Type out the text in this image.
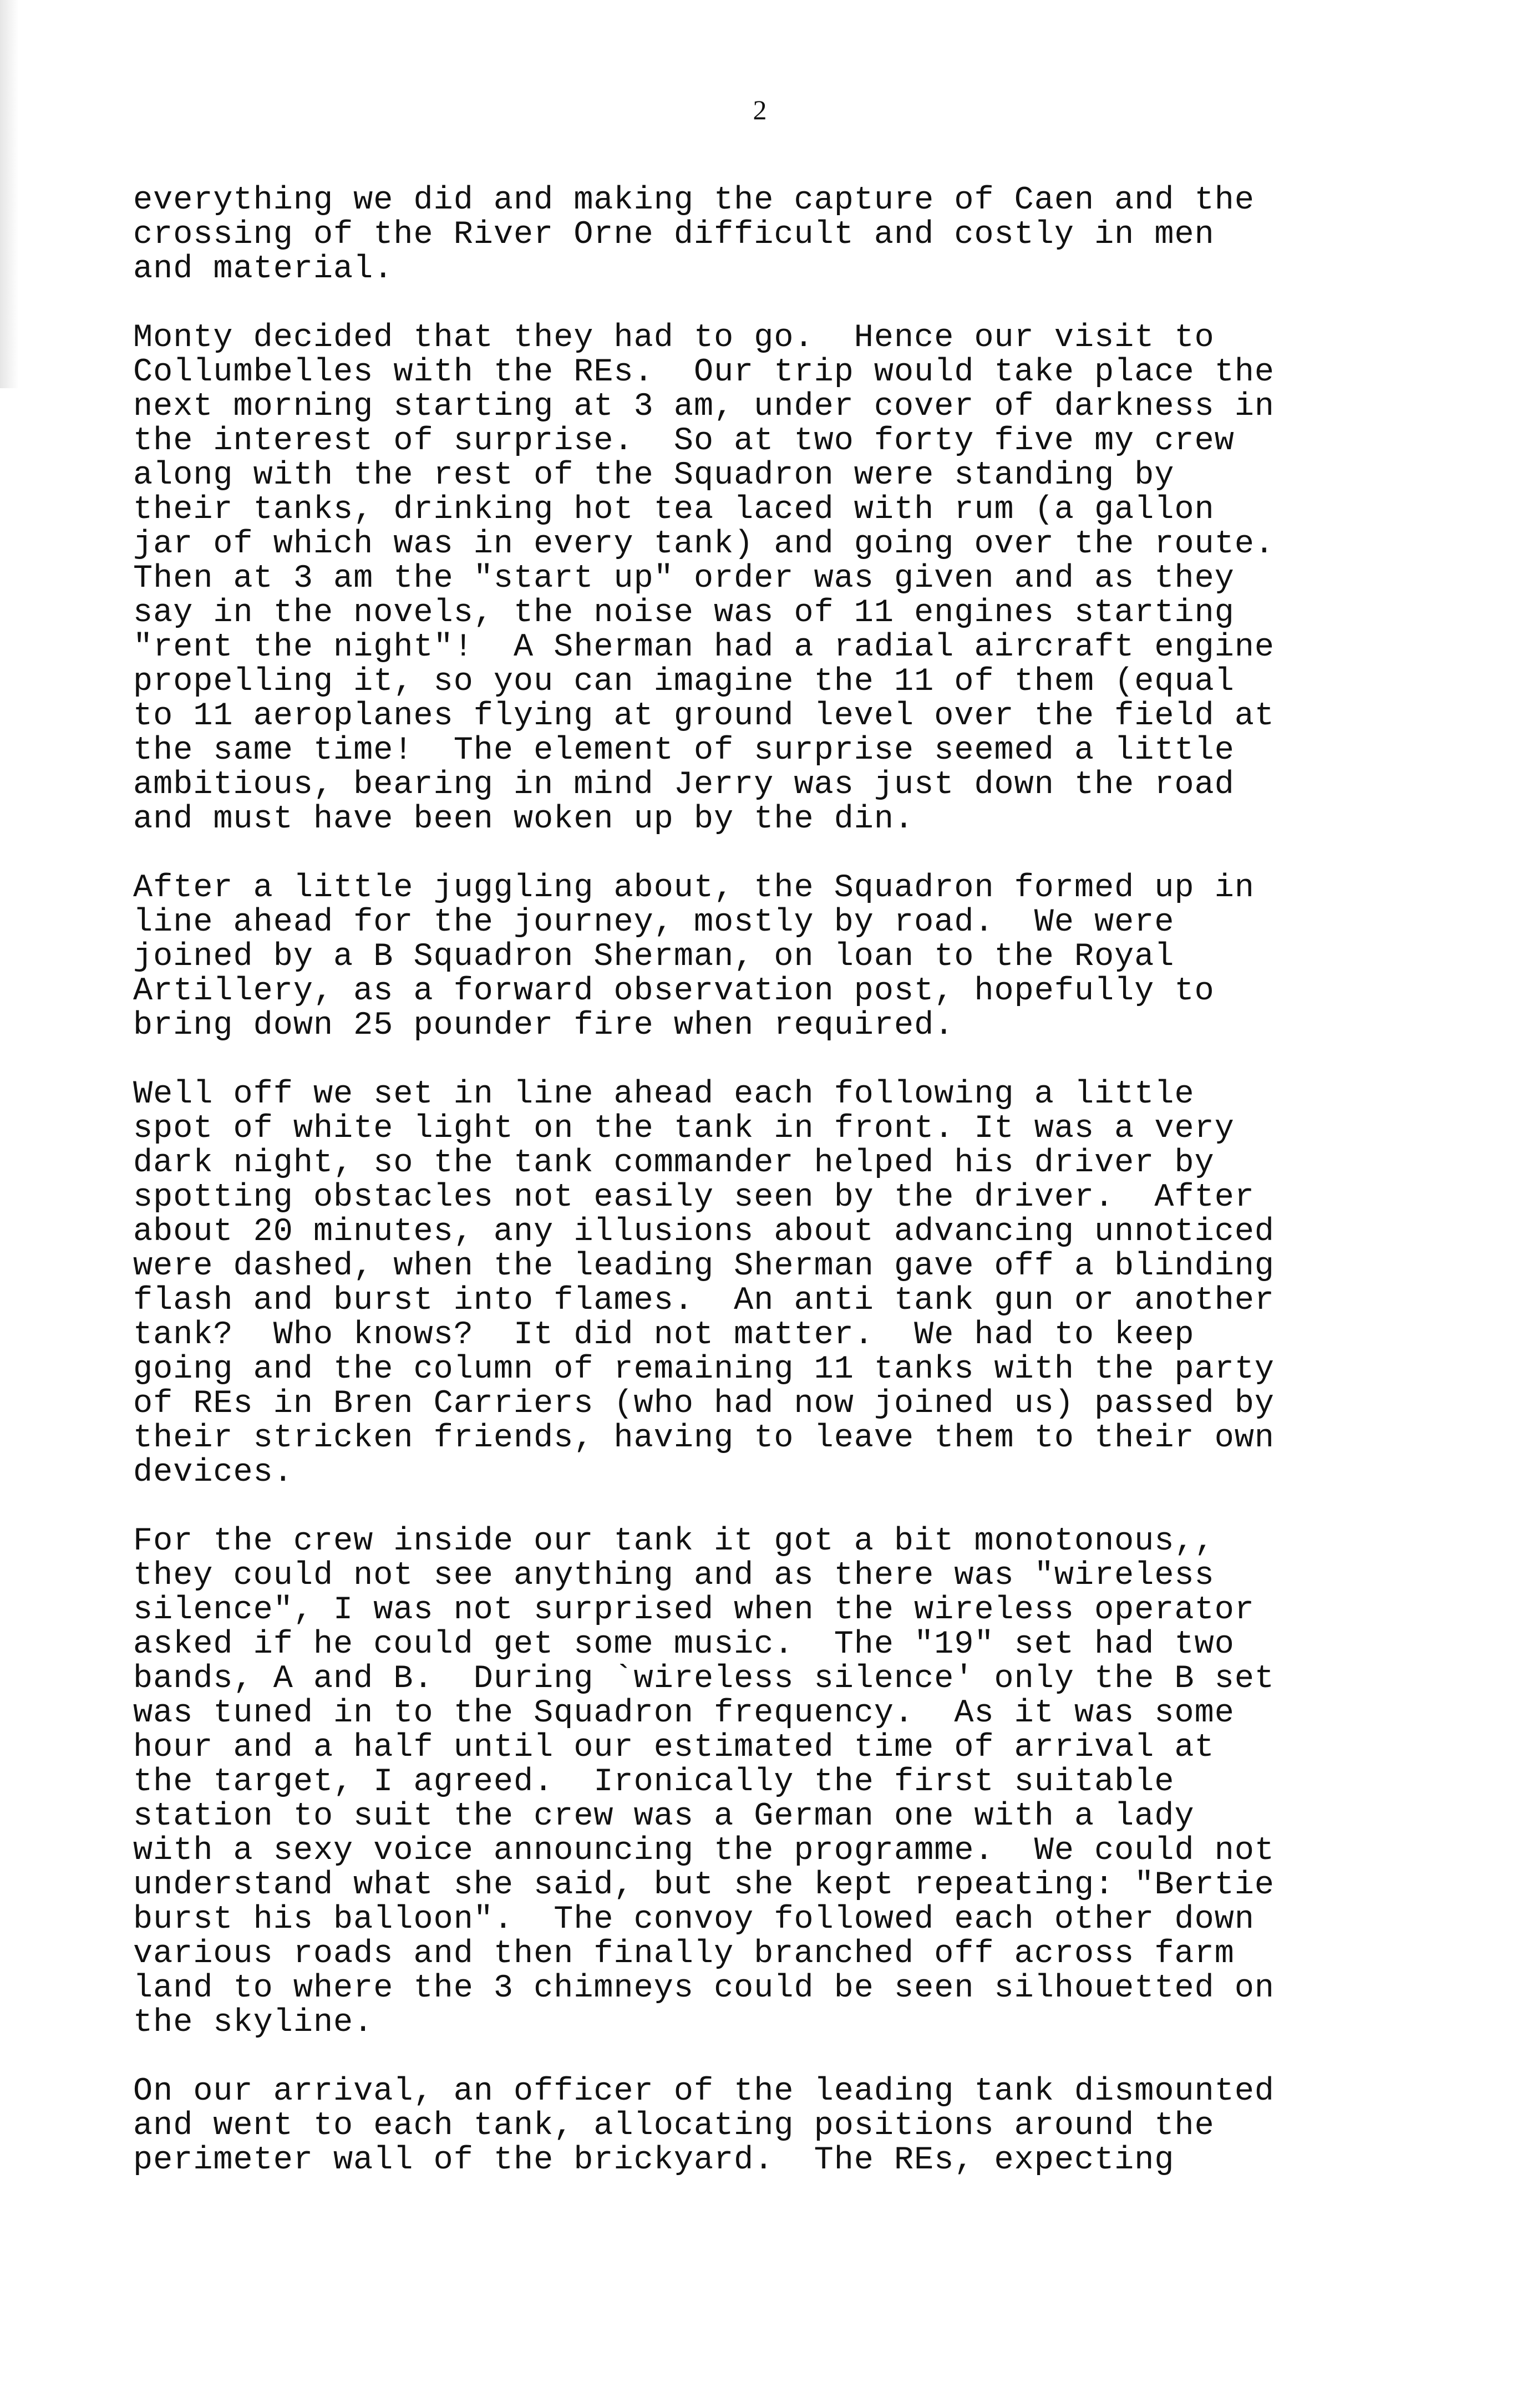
2
everything we did and making the capture of Caen and the
crossing of the River Orne difficult and costly in men
and material.
Monty decided that they had to go.  Hence our visit to
Collumbelles with the REs.  Our trip would take place the
next morning starting at 3 am, under cover of darkness in
the interest of surprise.  So at two forty five my crew
along with the rest of the Squadron were standing by
their tanks, drinking hot tea laced with rum (a gallon
jar of which was in every tank) and going over the route.
Then at 3 am the "start up" order was given and as they
say in the novels, the noise was of 11 engines starting
"rent the night"!  A Sherman had a radial aircraft engine
propelling it, so you can imagine the 11 of them (equal
to 11 aeroplanes flying at ground level over the field at
the same time!  The element of surprise seemed a little
ambitious, bearing in mind Jerry was just down the road
and must have been woken up by the din.
After a little juggling about, the Squadron formed up in
line ahead for the journey, mostly by road.  We were
joined by a B Squadron Sherman, on loan to the Royal
Artillery, as a forward observation post, hopefully to
bring down 25 pounder fire when required.
Well off we set in line ahead each following a little
spot of white light on the tank in front. It was a very
dark night, so the tank commander helped his driver by
spotting obstacles not easily seen by the driver.  After
about 20 minutes, any illusions about advancing unnoticed
were dashed, when the leading Sherman gave off a blinding
flash and burst into flames.  An anti tank gun or another
tank?  Who knows?  It did not matter.  We had to keep
going and the column of remaining 11 tanks with the party
of REs in Bren Carriers (who had now joined us) passed by
their stricken friends, having to leave them to their own
devices.
For the crew inside our tank it got a bit monotonous,,
they could not see anything and as there was "wireless
silence", I was not surprised when the wireless operator
asked if he could get some music.  The "19" set had two
bands, A and B.  During `wireless silence' only the B set
was tuned in to the Squadron frequency.  As it was some
hour and a half until our estimated time of arrival at
the target, I agreed.  Ironically the first suitable
station to suit the crew was a German one with a lady
with a sexy voice announcing the programme.  We could not
understand what she said, but she kept repeating: "Bertie
burst his balloon".  The convoy followed each other down
various roads and then finally branched off across farm
land to where the 3 chimneys could be seen silhouetted on
the skyline.
On our arrival, an officer of the leading tank dismounted
and went to each tank, allocating positions around the
perimeter wall of the brickyard.  The REs, expecting
